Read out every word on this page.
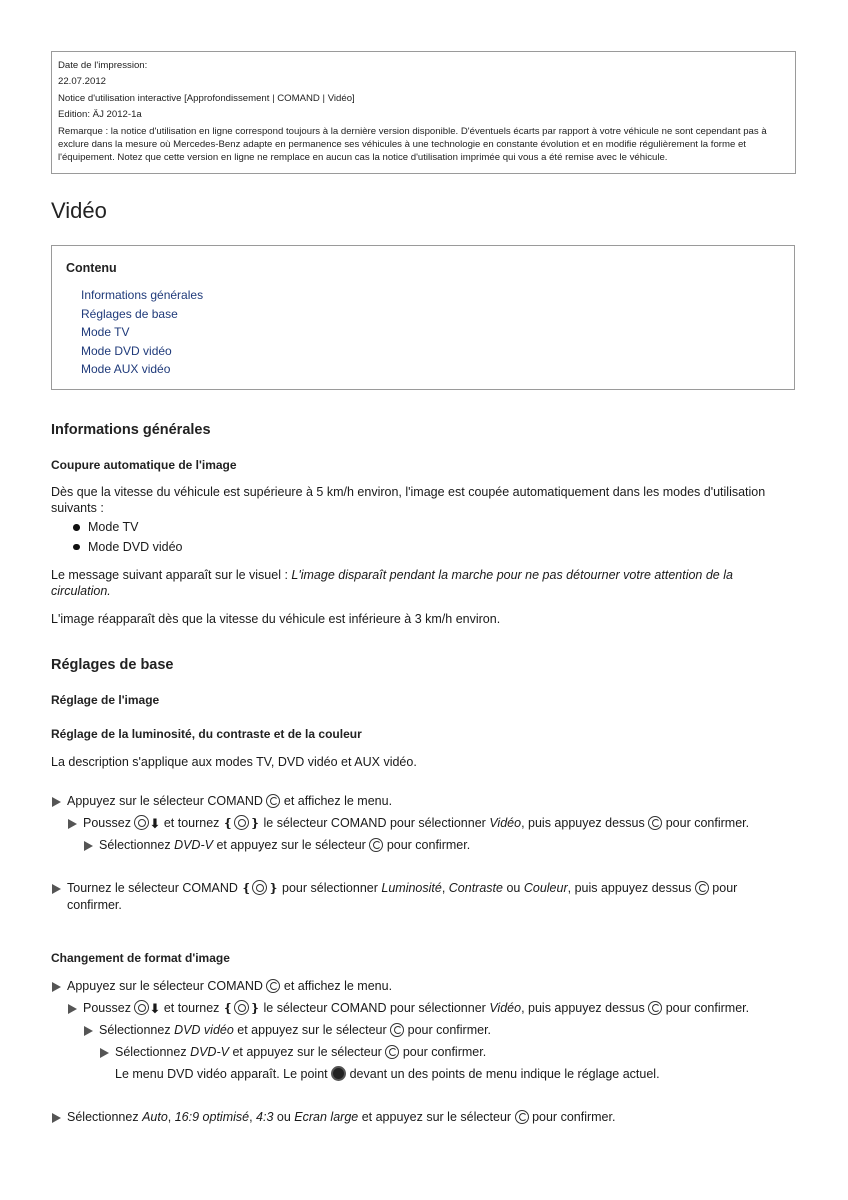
Date de l'impression:
22.07.2012
Notice d'utilisation interactive [Approfondissement | COMAND | Vidéo]
Edition: ÄJ 2012-1a
Remarque : la notice d'utilisation en ligne correspond toujours à la dernière version disponible. D'éventuels écarts par rapport à votre véhicule ne sont cependant pas à exclure dans la mesure où Mercedes-Benz adapte en permanence ses véhicules à une technologie en constante évolution et en modifie régulièrement la forme et l'équipement. Notez que cette version en ligne ne remplace en aucun cas la notice d'utilisation imprimée qui vous a été remise avec le véhicule.
Vidéo
Contenu
Informations générales
Réglages de base
Mode TV
Mode DVD vidéo
Mode AUX vidéo
Informations générales
Coupure automatique de l'image

Dès que la vitesse du véhicule est supérieure à 5 km/h environ, l'image est coupée automatiquement dans les modes d'utilisation suivants :

Mode TV
Mode DVD vidéo

Le message suivant apparaît sur le visuel : L'image disparaît pendant la marche pour ne pas détourner votre attention de la circulation.

L'image réapparaît dès que la vitesse du véhicule est inférieure à 3 km/h environ.

Réglages de base
Réglage de l'image
Réglage de la luminosité, du contraste et de la couleur

La description s'applique aux modes TV, DVD vidéo et AUX vidéo.

Appuyez sur le sélecteur COMAND et affichez le menu.
Poussez ⬇ et tournez ❴ ❵ le sélecteur COMAND pour sélectionner Vidéo, puis appuyez dessus pour confirmer.
Sélectionnez DVD-V et appuyez sur le sélecteur pour confirmer.
Tournez le sélecteur COMAND ❴ ❵ pour sélectionner Luminosité, Contraste ou Couleur, puis appuyez dessus pour
confirmer.
Changement de format d'image
Appuyez sur le sélecteur COMAND et affichez le menu.
Poussez ⬇ et tournez ❴ ❵ le sélecteur COMAND pour sélectionner Vidéo, puis appuyez dessus pour confirmer.
Sélectionnez DVD vidéo et appuyez sur le sélecteur pour confirmer.
Sélectionnez DVD-V et appuyez sur le sélecteur pour confirmer.
Le menu DVD vidéo apparaît. Le point devant un des points de menu indique le réglage actuel.
Sélectionnez Auto, 16:9 optimisé, 4:3 ou Ecran large et appuyez sur le sélecteur pour confirmer.
